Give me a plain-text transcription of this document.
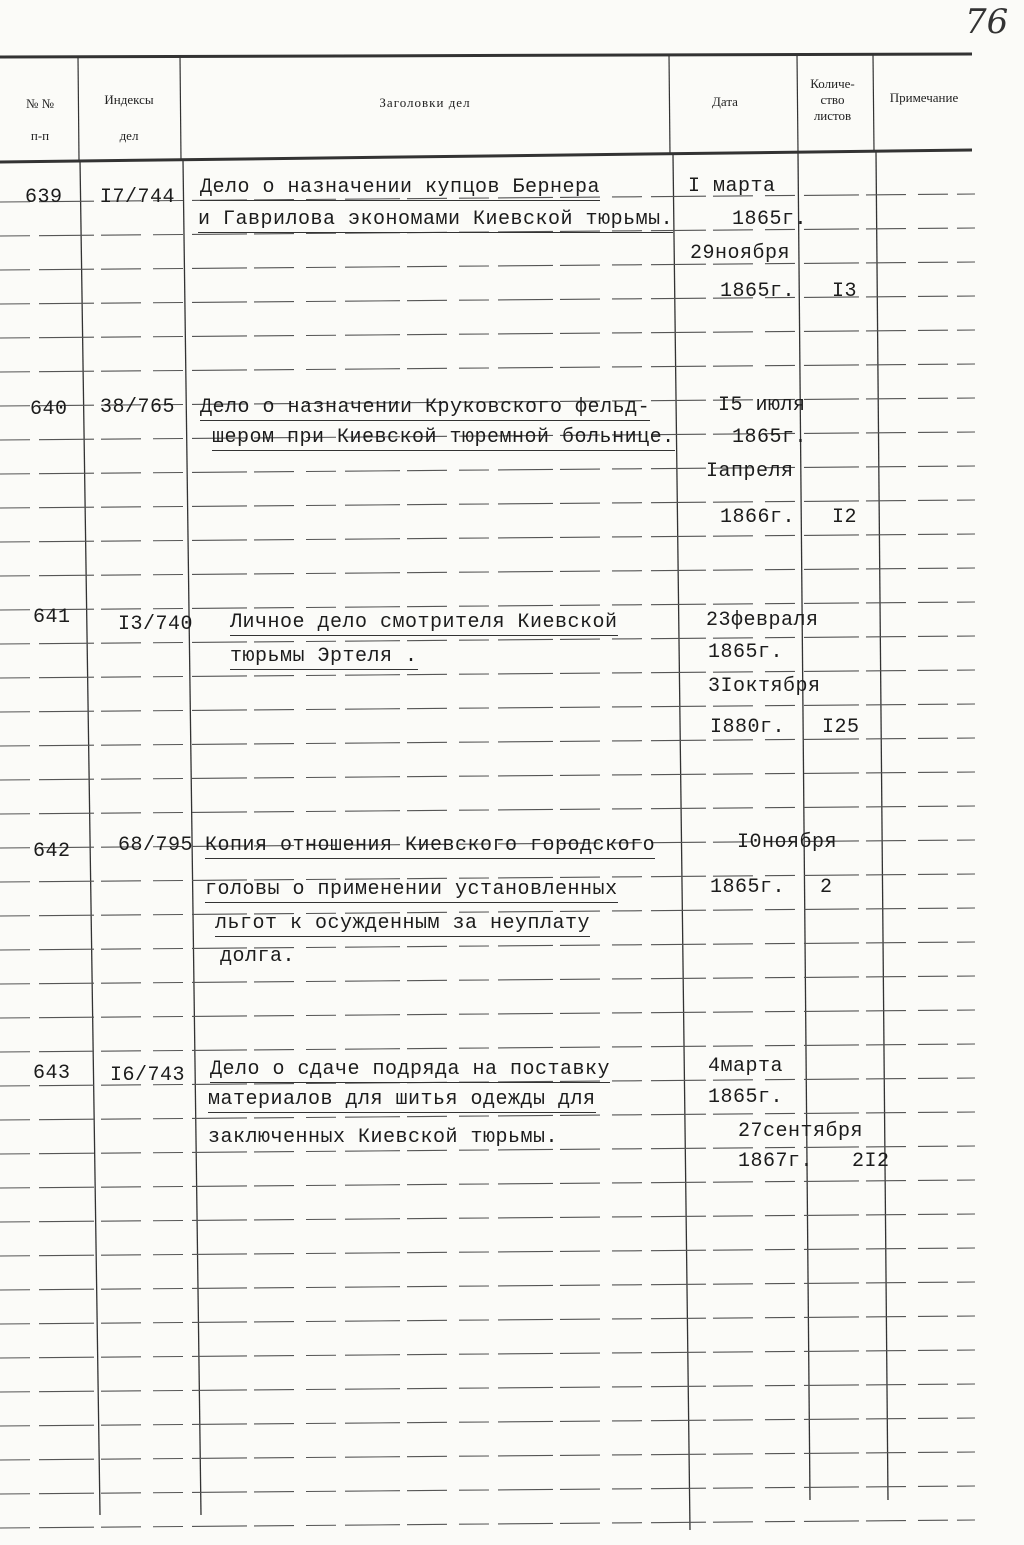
№ №
п-п
Индексы
дел
Заголовки дел	Дата
Количе-
ство
листов
Примечание
76
639 I7/744 Дело о назначении купцов Бернера
и Гаврилова экономами Киевской тюрьмы.
I марта
1865г.
29ноября
1865г. I3
640 38/765 Дело о назначении Круковского фельд-
шером при Киевской тюремной больнице.
I5 июля
1865г.
Iапреля
1866г. I2
641 I3/740 Личное дело смотрителя Киевской
тюрьмы Эртеля .
23февраля
1865г.
3Iоктября
I880г. I25
642 68/795 Копия отношения Киевского городского
головы о применении установленных
льгот к осужденным за неуплату
долга.
I0ноября
1865г. 2
643 I6/743 Дело о сдаче подряда на поставку
материалов для шитья одежды для
заключенных Киевской тюрьмы.
4марта
1865г.
27сентября
1867г. 2I2
